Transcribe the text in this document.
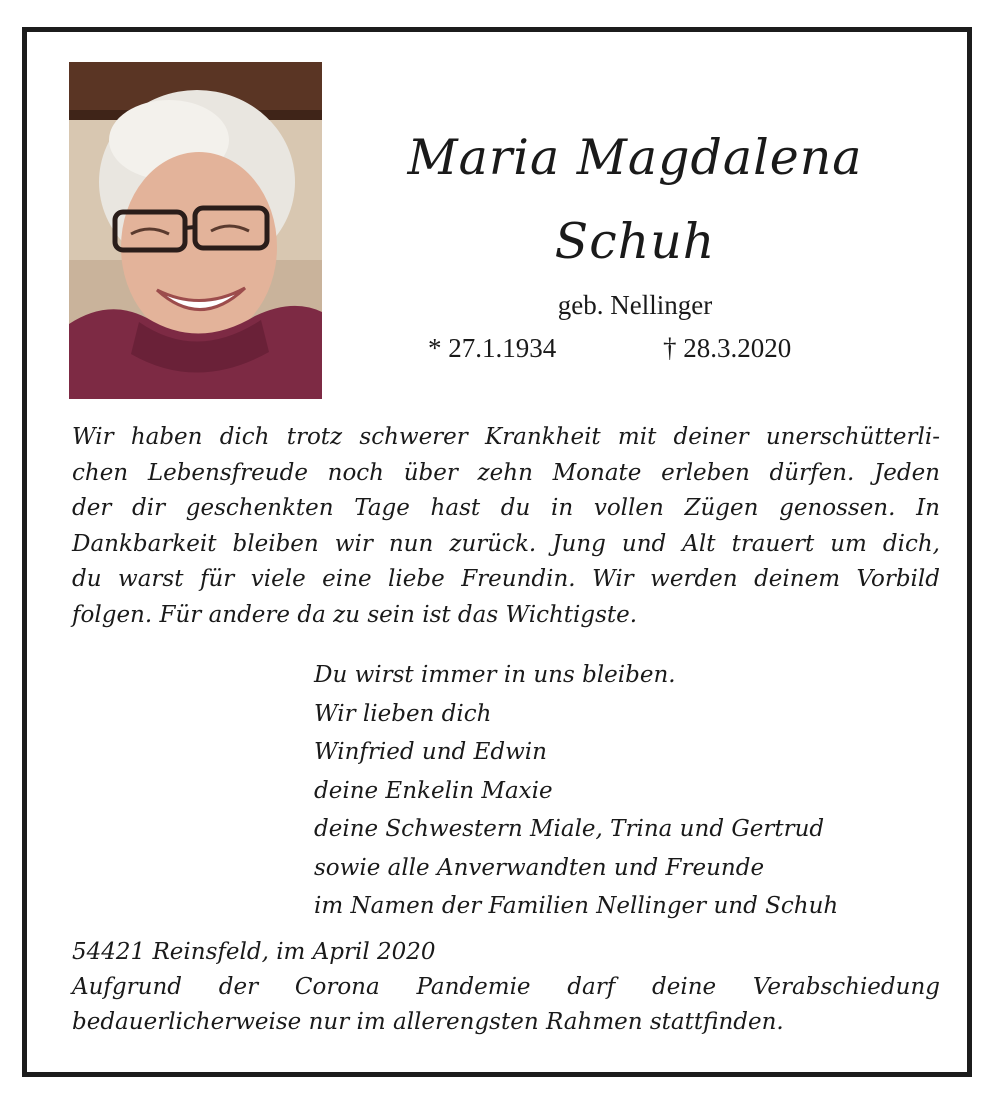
Maria Magdalena
Schuh
geb. Nellinger
* 27.1.1934	† 28.3.2020
Wir haben dich trotz schwerer Krankheit mit deiner unerschütterli-
chen Lebensfreude noch über zehn Monate erleben dürfen. Jeden
der dir geschenkten Tage hast du in vollen Zügen genossen. In
Dankbarkeit bleiben wir nun zurück. Jung und Alt trauert um dich,
du warst für viele eine liebe Freundin. Wir werden deinem Vorbild
folgen. Für andere da zu sein ist das Wichtigste.
Du wirst immer in uns bleiben.
Wir lieben dich
Winfried und Edwin
deine Enkelin Maxie
deine Schwestern Miale, Trina und Gertrud
sowie alle Anverwandten und Freunde
im Namen der Familien Nellinger und Schuh
54421 Reinsfeld, im April 2020
Aufgrund der Corona Pandemie darf deine Verabschiedung
bedauerlicherweise nur im allerengsten Rahmen stattfinden.
